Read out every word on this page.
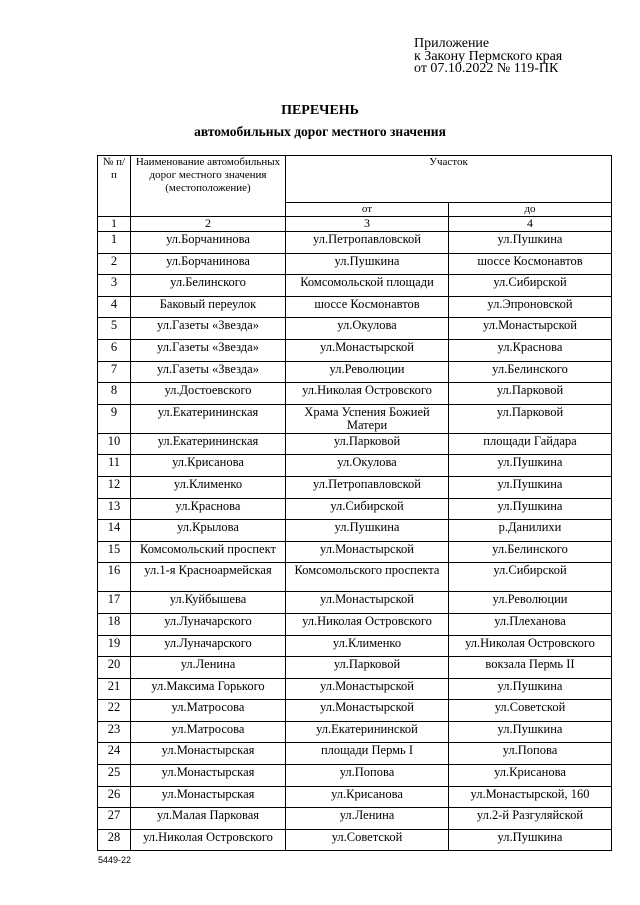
Приложение
к Закону Пермского края
от 07.10.2022 № 119-ПК
ПЕРЕЧЕНЬ
автомобильных дорог местного значения
№ п/п	Наименование автомобильных дорог местного значения (местоположение)	Участок	
		от	до
1	2	3	4
1	ул.Борчанинова	ул.Петропавловской	ул.Пушкина
2	ул.Борчанинова	ул.Пушкина	шоссе Космонавтов
3	ул.Белинского	Комсомольской площади	ул.Сибирской
4	Баковый переулок	шоссе Космонавтов	ул.Эпроновской
5	ул.Газеты «Звезда»	ул.Окулова	ул.Монастырской
6	ул.Газеты «Звезда»	ул.Монастырской	ул.Краснова
7	ул.Газеты «Звезда»	ул.Революции	ул.Белинского
8	ул.Достоевского	ул.Николая Островского	ул.Парковой
9	ул.Екатерининская	Храма Успения Божией Матери	ул.Парковой
10	ул.Екатерининская	ул.Парковой	площади Гайдара
11	ул.Крисанова	ул.Окулова	ул.Пушкина
12	ул.Клименко	ул.Петропавловской	ул.Пушкина
13	ул.Краснова	ул.Сибирской	ул.Пушкина
14	ул.Крылова	ул.Пушкина	р.Данилихи
15	Комсомольский проспект	ул.Монастырской	ул.Белинского
16	ул.1-я Красноармейская	Комсомольского проспекта	ул.Сибирской
17	ул.Куйбышева	ул.Монастырской	ул.Революции
18	ул.Луначарского	ул.Николая Островского	ул.Плеханова
19	ул.Луначарского	ул.Клименко	ул.Николая Островского
20	ул.Ленина	ул.Парковой	вокзала Пермь II
21	ул.Максима Горького	ул.Монастырской	ул.Пушкина
22	ул.Матросова	ул.Монастырской	ул.Советской
23	ул.Матросова	ул.Екатерининской	ул.Пушкина
24	ул.Монастырская	площади Пермь I	ул.Попова
25	ул.Монастырская	ул.Попова	ул.Крисанова
26	ул.Монастырская	ул.Крисанова	ул.Монастырской, 160
27	ул.Малая Парковая	ул.Ленина	ул.2-й Разгуляйской
28	ул.Николая Островского	ул.Советской	ул.Пушкина
5449-22
